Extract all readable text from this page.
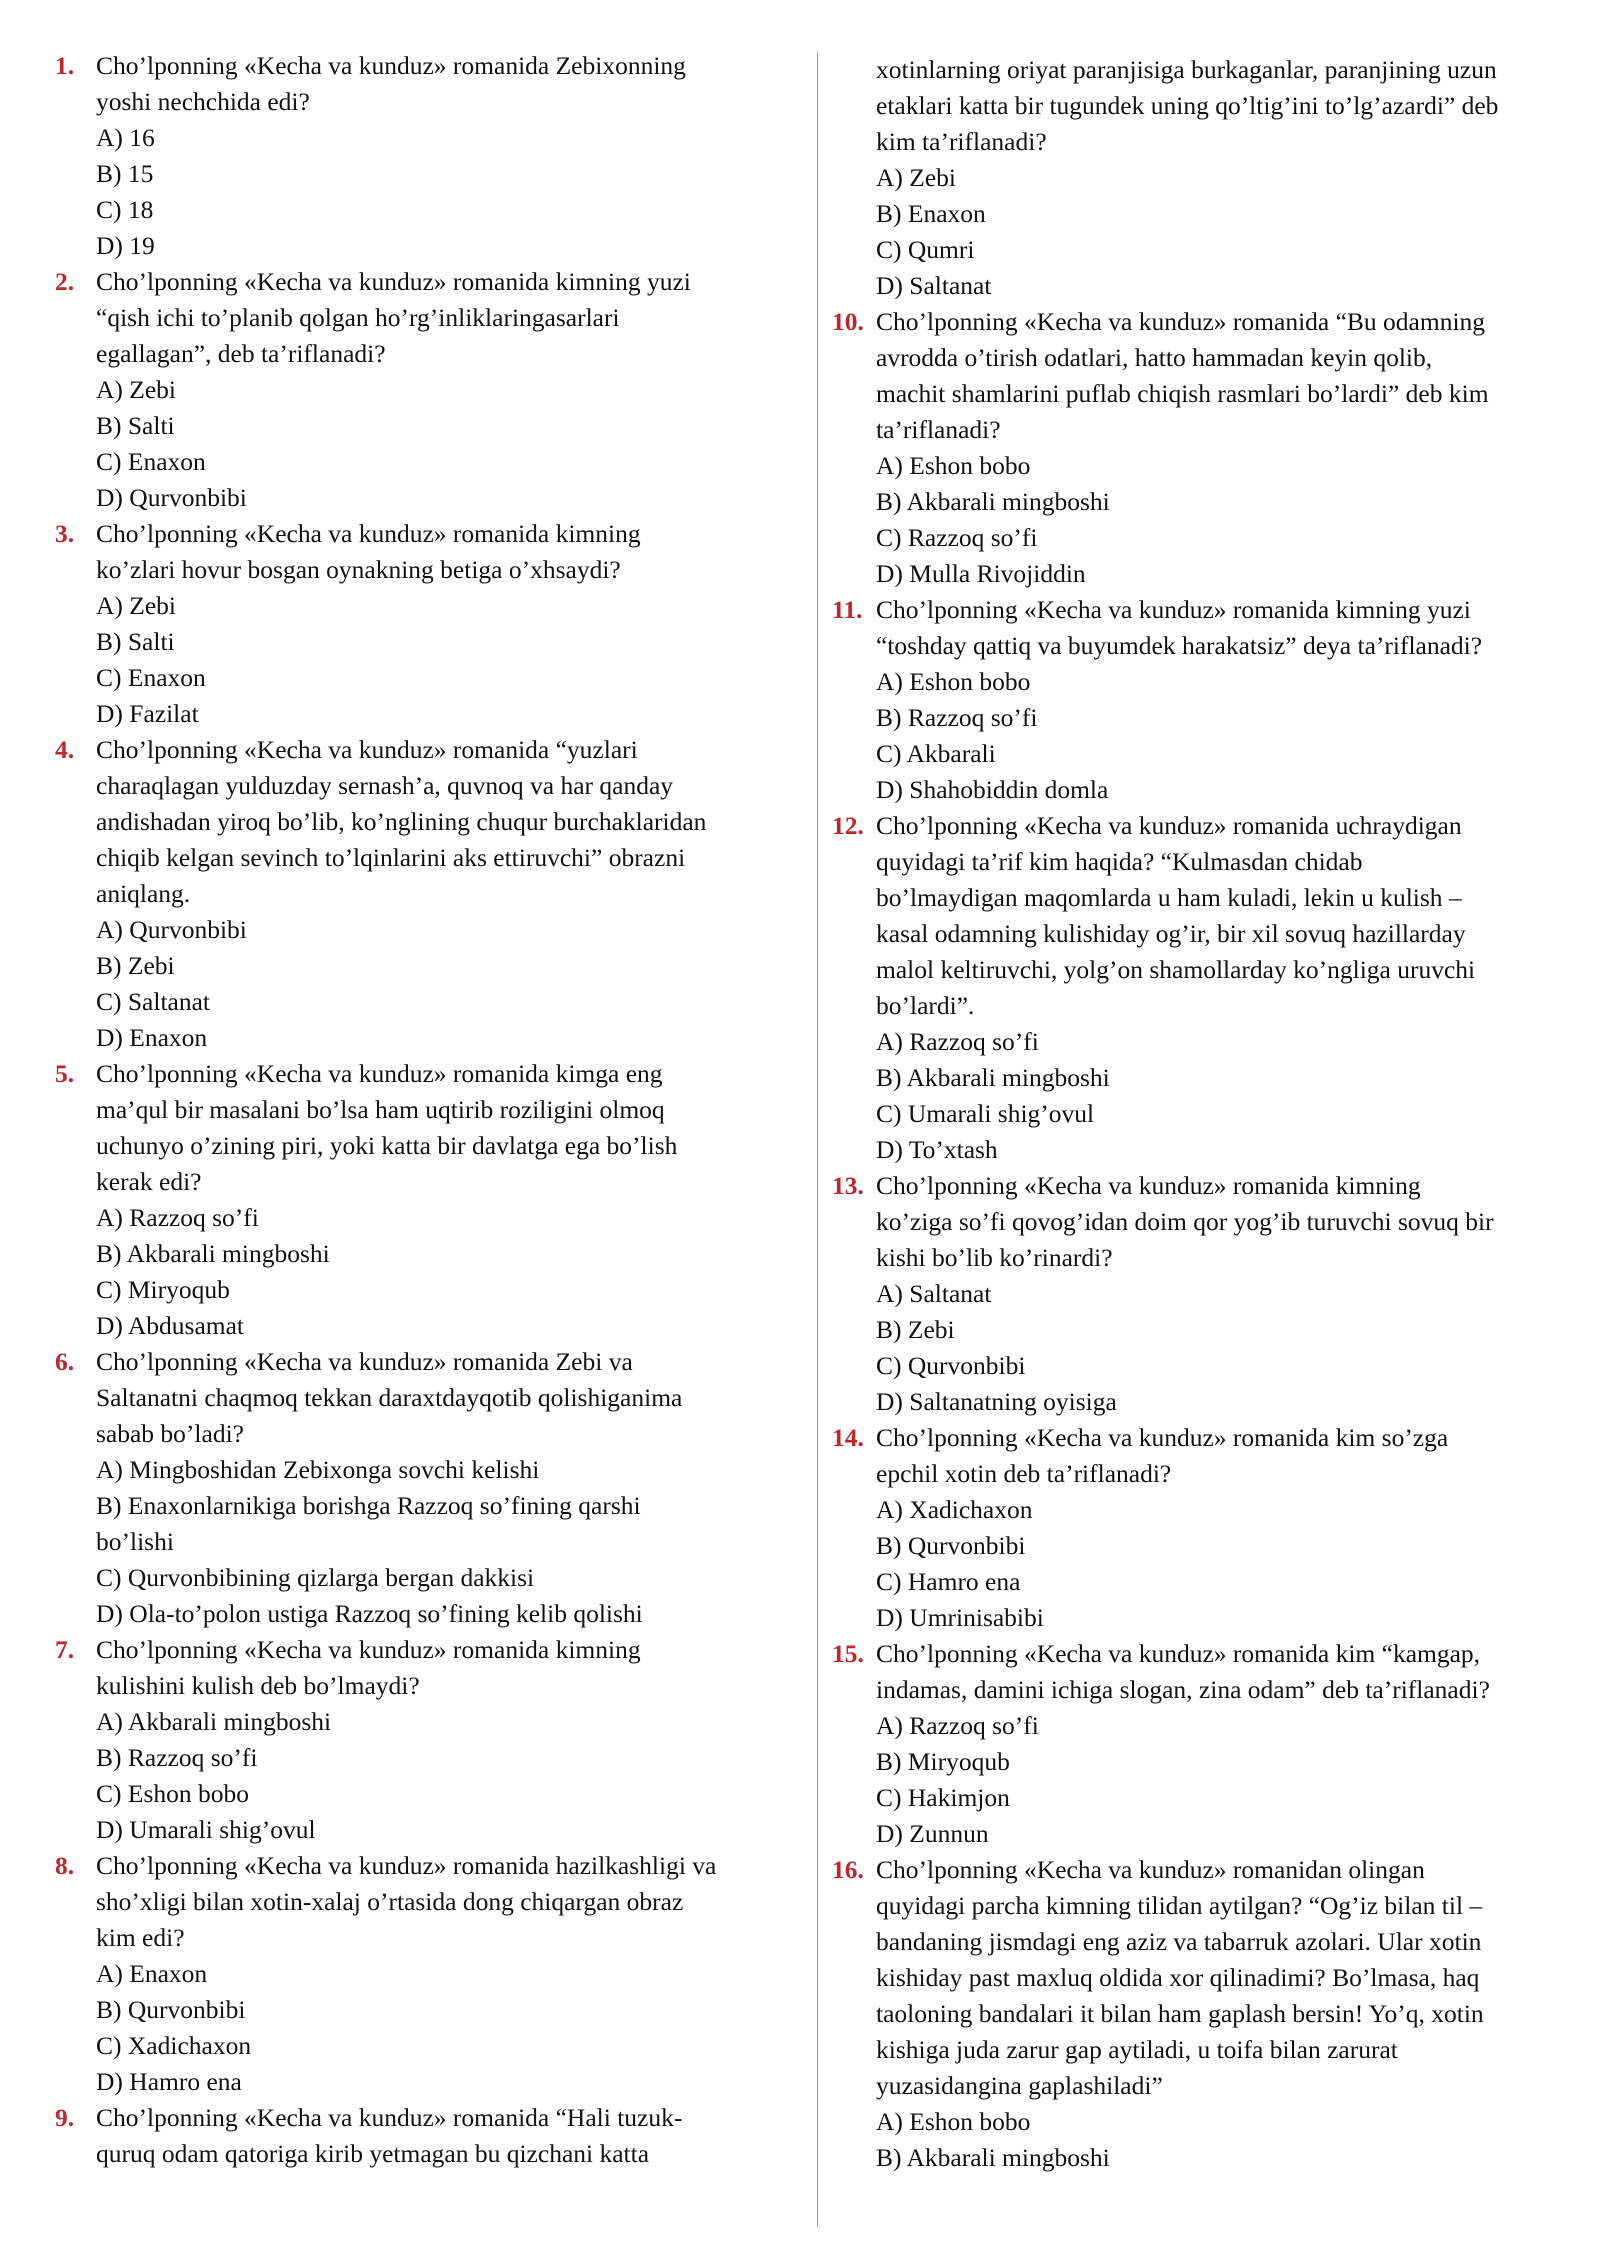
1. Cho’lponning «Kecha va kunduz» romanida Zebixonning
yoshi nechchida edi?
A) 16
B) 15
C) 18
D) 19
2. Cho’lponning «Kecha va kunduz» romanida kimning yuzi
“qish ichi to’planib qolgan ho’rg’inliklaringasarlari
egallagan”, deb ta’riflanadi?
A) Zebi
B) Salti
C) Enaxon
D) Qurvonbibi
3. Cho’lponning «Kecha va kunduz» romanida kimning
ko’zlari hovur bosgan oynakning betiga o’xhsaydi?
A) Zebi
B) Salti
C) Enaxon
D) Fazilat
4. Cho’lponning «Kecha va kunduz» romanida “yuzlari
charaqlagan yulduzday sernash’a, quvnoq va har qanday
andishadan yiroq bo’lib, ko’nglining chuqur burchaklaridan
chiqib kelgan sevinch to’lqinlarini aks ettiruvchi” obrazni
aniqlang.
A) Qurvonbibi
B) Zebi
C) Saltanat
D) Enaxon
5. Cho’lponning «Kecha va kunduz» romanida kimga eng
ma’qul bir masalani bo’lsa ham uqtirib roziligini olmoq
uchunyo o’zining piri, yoki katta bir davlatga ega bo’lish
kerak edi?
A) Razzoq so’fi
B) Akbarali mingboshi
C) Miryoqub
D) Abdusamat
6. Cho’lponning «Kecha va kunduz» romanida Zebi va
Saltanatni chaqmoq tekkan daraxtdayqotib qolishiganima
sabab bo’ladi?
A) Mingboshidan Zebixonga sovchi kelishi
B) Enaxonlarnikiga borishga Razzoq so’fining qarshi
bo’lishi
C) Qurvonbibining qizlarga bergan dakkisi
D) Ola-to’polon ustiga Razzoq so’fining kelib qolishi
7. Cho’lponning «Kecha va kunduz» romanida kimning
kulishini kulish deb bo’lmaydi?
A) Akbarali mingboshi
B) Razzoq so’fi
C) Eshon bobo
D) Umarali shig’ovul
8. Cho’lponning «Kecha va kunduz» romanida hazilkashligi va
sho’xligi bilan xotin-xalaj o’rtasida dong chiqargan obraz
kim edi?
A) Enaxon
B) Qurvonbibi
C) Xadichaxon
D) Hamro ena
9. Cho’lponning «Kecha va kunduz» romanida “Hali tuzuk-
quruq odam qatoriga kirib yetmagan bu qizchani katta
xotinlarning oriyat paranjisiga burkaganlar, paranjining uzun
etaklari katta bir tugundek uning qo’ltig’ini to’lg’azardi” deb
kim ta’riflanadi?
A) Zebi
B) Enaxon
C) Qumri
D) Saltanat
10. Cho’lponning «Kecha va kunduz» romanida “Bu odamning
avrodda o’tirish odatlari, hatto hammadan keyin qolib,
machit shamlarini puflab chiqish rasmlari bo’lardi” deb kim
ta’riflanadi?
A) Eshon bobo
B) Akbarali mingboshi
C) Razzoq so’fi
D) Mulla Rivojiddin
11. Cho’lponning «Kecha va kunduz» romanida kimning yuzi
“toshday qattiq va buyumdek harakatsiz” deya ta’riflanadi?
A) Eshon bobo
B) Razzoq so’fi
C) Akbarali
D) Shahobiddin domla
12. Cho’lponning «Kecha va kunduz» romanida uchraydigan
quyidagi ta’rif kim haqida? “Kulmasdan chidab
bo’lmaydigan maqomlarda u ham kuladi, lekin u kulish –
kasal odamning kulishiday og’ir, bir xil sovuq hazillarday
malol keltiruvchi, yolg’on shamollarday ko’ngliga uruvchi
bo’lardi”.
A) Razzoq so’fi
B) Akbarali mingboshi
C) Umarali shig’ovul
D) To’xtash
13. Cho’lponning «Kecha va kunduz» romanida kimning
ko’ziga so’fi qovog’idan doim qor yog’ib turuvchi sovuq bir
kishi bo’lib ko’rinardi?
A) Saltanat
B) Zebi
C) Qurvonbibi
D) Saltanatning oyisiga
14. Cho’lponning «Kecha va kunduz» romanida kim so’zga
epchil xotin deb ta’riflanadi?
A) Xadichaxon
B) Qurvonbibi
C) Hamro ena
D) Umrinisabibi
15. Cho’lponning «Kecha va kunduz» romanida kim “kamgap,
indamas, damini ichiga slogan, zina odam” deb ta’riflanadi?
A) Razzoq so’fi
B) Miryoqub
C) Hakimjon
D) Zunnun
16. Cho’lponning «Kecha va kunduz» romanidan olingan
quyidagi parcha kimning tilidan aytilgan? “Og’iz bilan til –
bandaning jismdagi eng aziz va tabarruk azolari. Ular xotin
kishiday past maxluq oldida xor qilinadimi? Bo’lmasa, haq
taoloning bandalari it bilan ham gaplash bersin! Yo’q, xotin
kishiga juda zarur gap aytiladi, u toifa bilan zarurat
yuzasidangina gaplashiladi”
A) Eshon bobo
B) Akbarali mingboshi
